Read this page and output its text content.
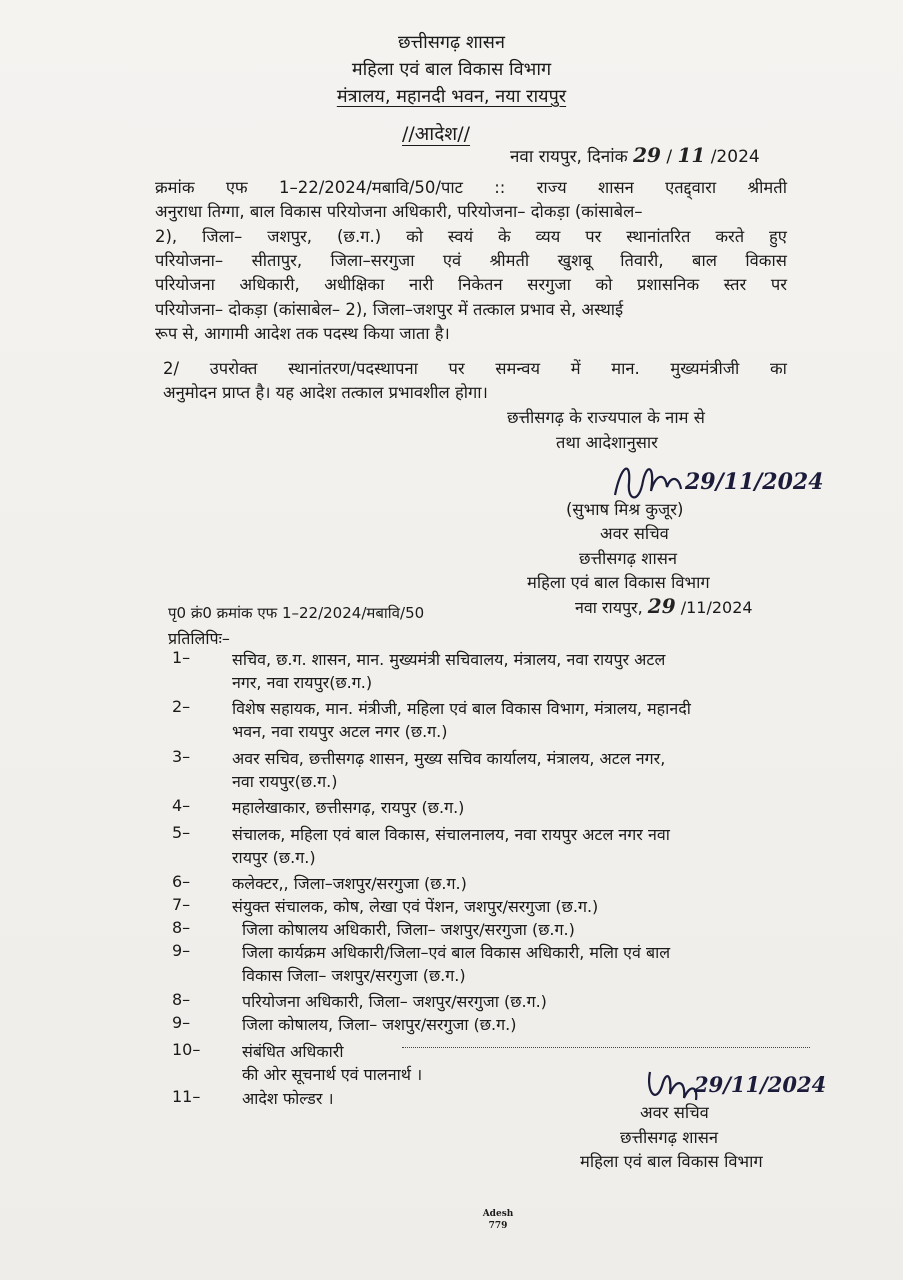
छत्तीसगढ़ शासन
महिला एवं बाल विकास विभाग
मंत्रालय, महानदी भवन, नया रायपुर
//आदेश//
नवा रायपुर, दिनांक 29 / 11 /2024
क्रमांक एफ 1–22/2024/मबावि/50/पाट :: राज्य शासन एतद्द्वारा श्रीमती
अनुराधा तिग्गा, बाल विकास परियोजना अधिकारी, परियोजना– दोकड़ा (कांसाबेल–
2), जिला– जशपुर, (छ.ग.) को स्वयं के व्यय पर स्थानांतरित करते हुए
परियोजना– सीतापुर, जिला–सरगुजा एवं श्रीमती खुशबू तिवारी, बाल विकास
परियोजना अधिकारी, अधीक्षिका नारी निकेतन सरगुजा को प्रशासनिक स्तर पर
परियोजना– दोकड़ा (कांसाबेल– 2), जिला–जशपुर में तत्काल प्रभाव से, अस्थाई
रूप से, आगामी आदेश तक पदस्थ किया जाता है।
2/ उपरोक्त स्थानांतरण/पदस्थापना पर समन्वय में मान. मुख्यमंत्रीजी का
अनुमोदन प्राप्त है। यह आदेश तत्काल प्रभावशील होगा।
छत्तीसगढ़ के राज्यपाल के नाम से
तथा आदेशानुसार
29/11/2024
(सुभाष मिश्र कुजूर)
अवर सचिव
छत्तीसगढ़ शासन
महिला एवं बाल विकास विभाग
पृ0 क्रं0 क्रमांक एफ 1–22/2024/मबावि/50	नवा रायपुर, 29 /11/2024
प्रतिलिपिः–
1–	सचिव, छ.ग. शासन, मान. मुख्यमंत्री सचिवालय, मंत्रालय, नवा रायपुर अटल
नगर, नवा रायपुर(छ.ग.)
2–	विशेष सहायक, मान. मंत्रीजी, महिला एवं बाल विकास विभाग, मंत्रालय, महानदी
भवन, नवा रायपुर अटल नगर (छ.ग.)
3–	अवर सचिव, छत्तीसगढ़ शासन, मुख्य सचिव कार्यालय, मंत्रालय, अटल नगर,
नवा रायपुर(छ.ग.)
4–	महालेखाकार, छत्तीसगढ़, रायपुर (छ.ग.)
5–	संचालक, महिला एवं बाल विकास, संचालनालय, नवा रायपुर अटल नगर नवा
रायपुर (छ.ग.)
6–	कलेक्टर,, जिला–जशपुर/सरगुजा (छ.ग.)
7–	संयुक्त संचालक, कोष, लेखा एवं पेंशन, जशपुर/सरगुजा (छ.ग.)
8–	जिला कोषालय अधिकारी, जिला– जशपुर/सरगुजा (छ.ग.)
9–	जिला कार्यक्रम अधिकारी/जिला–एवं बाल विकास अधिकारी, मलिा एवं बाल
विकास जिला– जशपुर/सरगुजा (छ.ग.)
8–	परियोजना अधिकारी, जिला– जशपुर/सरगुजा (छ.ग.)
9–	जिला कोषालय, जिला– जशपुर/सरगुजा (छ.ग.)
10–	संबंधित अधिकारी
की ओर सूचनार्थ एवं पालनार्थ ।
11–	आदेश फोल्डर ।
29/11/2024
अवर सचिव
छत्तीसगढ़ शासन
महिला एवं बाल विकास विभाग
Adesh
779
